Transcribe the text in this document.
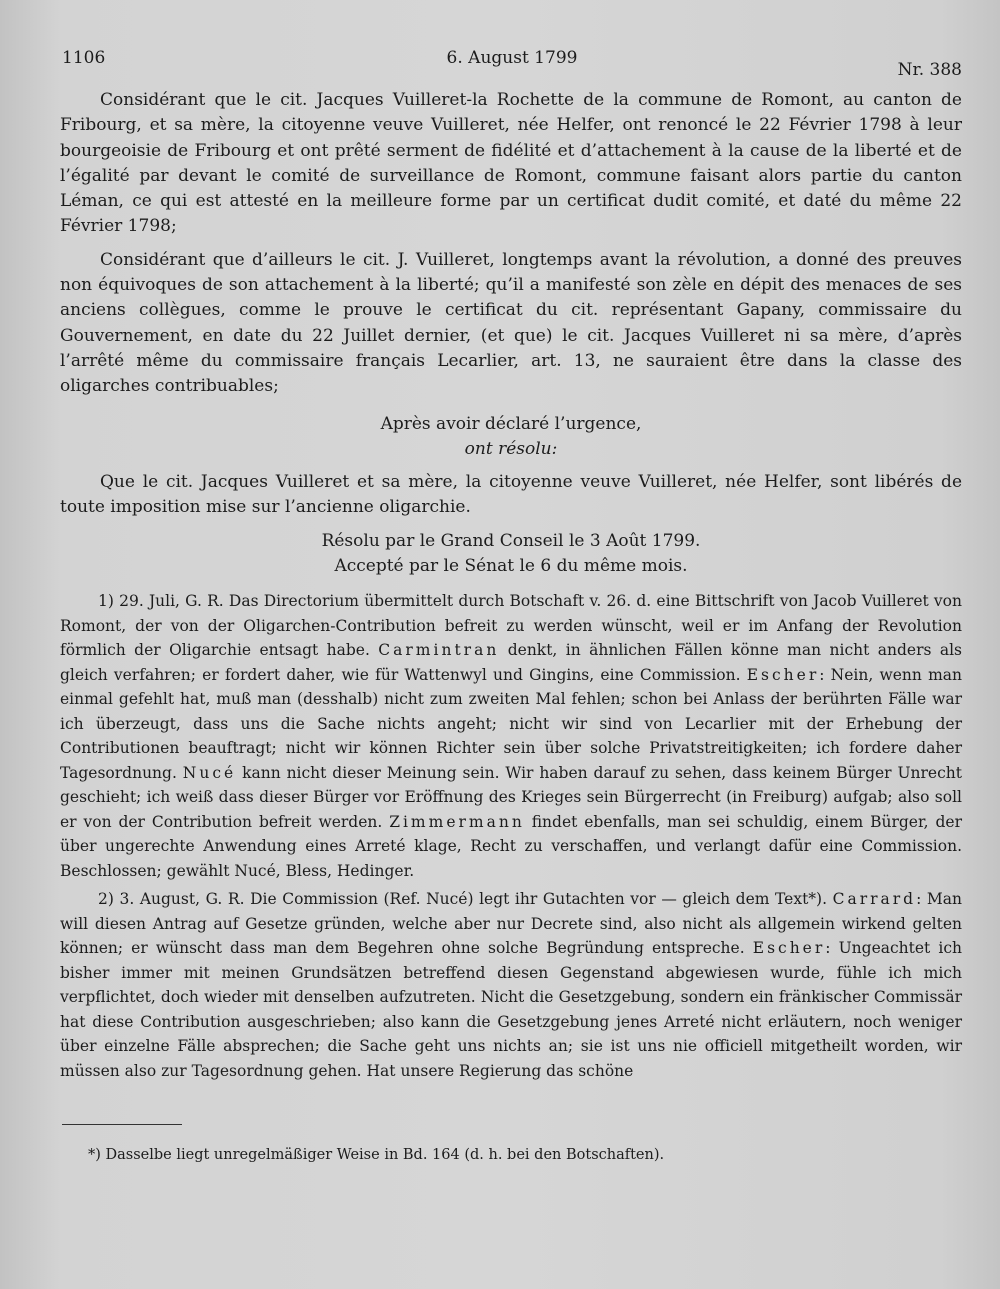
1106	6. August 1799
Nr. 388

Considérant que le cit. Jacques Vuilleret-la Rochette de la commune de Romont, au canton de Fribourg, et sa mère, la citoyenne veuve Vuilleret, née Helfer, ont renoncé le 22 Février 1798 à leur bourgeoisie de Fribourg et ont prêté serment de fidélité et d’attachement à la cause de la liberté et de l’égalité par devant le comité de surveillance de Romont, commune faisant alors partie du canton Léman, ce qui est attesté en la meilleure forme par un certificat dudit comité, et daté du même 22 Février 1798;

Considérant que d’ailleurs le cit. J. Vuilleret, longtemps avant la révolution, a donné des preuves non équivoques de son attachement à la liberté; qu’il a manifesté son zèle en dépit des menaces de ses anciens collègues, comme le prouve le certificat du cit. représentant Gapany, commissaire du Gouvernement, en date du 22 Juillet dernier, (et que) le cit. Jacques Vuilleret ni sa mère, d’après l’arrêté même du commissaire français Lecarlier, art. 13, ne sauraient être dans la classe des oligarches contribuables;

Après avoir déclaré l’urgence,
ont résolu:

Que le cit. Jacques Vuilleret et sa mère, la citoyenne veuve Vuilleret, née Helfer, sont libérés de toute imposition mise sur l’ancienne oligarchie.

Résolu par le Grand Conseil le 3 Août 1799.
Accepté par le Sénat le 6 du même mois.

1) 29. Juli, G. R. Das Directorium übermittelt durch Botschaft v. 26. d. eine Bittschrift von Jacob Vuilleret von Romont, der von der Oligarchen-Contribution befreit zu werden wünscht, weil er im Anfang der Revolution förmlich der Oligarchie entsagt habe. Carmintran denkt, in ähnlichen Fällen könne man nicht anders als gleich verfahren; er fordert daher, wie für Wattenwyl und Gingins, eine Commission. Escher: Nein, wenn man einmal gefehlt hat, muß man (desshalb) nicht zum zweiten Mal fehlen; schon bei Anlass der berührten Fälle war ich überzeugt, dass uns die Sache nichts angeht; nicht wir sind von Lecarlier mit der Erhebung der Contributionen beauftragt; nicht wir können Richter sein über solche Privatstreitigkeiten; ich fordere daher Tagesordnung. Nucé kann nicht dieser Meinung sein. Wir haben darauf zu sehen, dass keinem Bürger Unrecht geschieht; ich weiß dass dieser Bürger vor Eröffnung des Krieges sein Bürgerrecht (in Freiburg) aufgab; also soll er von der Contribution befreit werden. Zimmermann findet ebenfalls, man sei schuldig, einem Bürger, der über ungerechte Anwendung eines Arreté klage, Recht zu verschaffen, und verlangt dafür eine Commission. Beschlossen; gewählt Nucé, Bless, Hedinger.

2) 3. August, G. R. Die Commission (Ref. Nucé) legt ihr Gutachten vor — gleich dem Text*). Carrard: Man will diesen Antrag auf Gesetze gründen, welche aber nur Decrete sind, also nicht als allgemein wirkend gelten können; er wünscht dass man dem Begehren ohne solche Begründung entspreche. Escher: Ungeachtet ich bisher immer mit meinen Grundsätzen betreffend diesen Gegenstand abgewiesen wurde, fühle ich mich verpflichtet, doch wieder mit denselben aufzutreten. Nicht die Gesetzgebung, sondern ein fränkischer Commissär hat diese Contribution ausgeschrieben; also kann die Gesetzgebung jenes Arreté nicht erläutern, noch weniger über einzelne Fälle absprechen; die Sache geht uns nichts an; sie ist uns nie officiell mitgetheilt worden, wir müssen also zur Tagesordnung gehen. Hat unsere Regierung das schöne

*) Dasselbe liegt unregelmäßiger Weise in Bd. 164 (d. h. bei den Botschaften).
